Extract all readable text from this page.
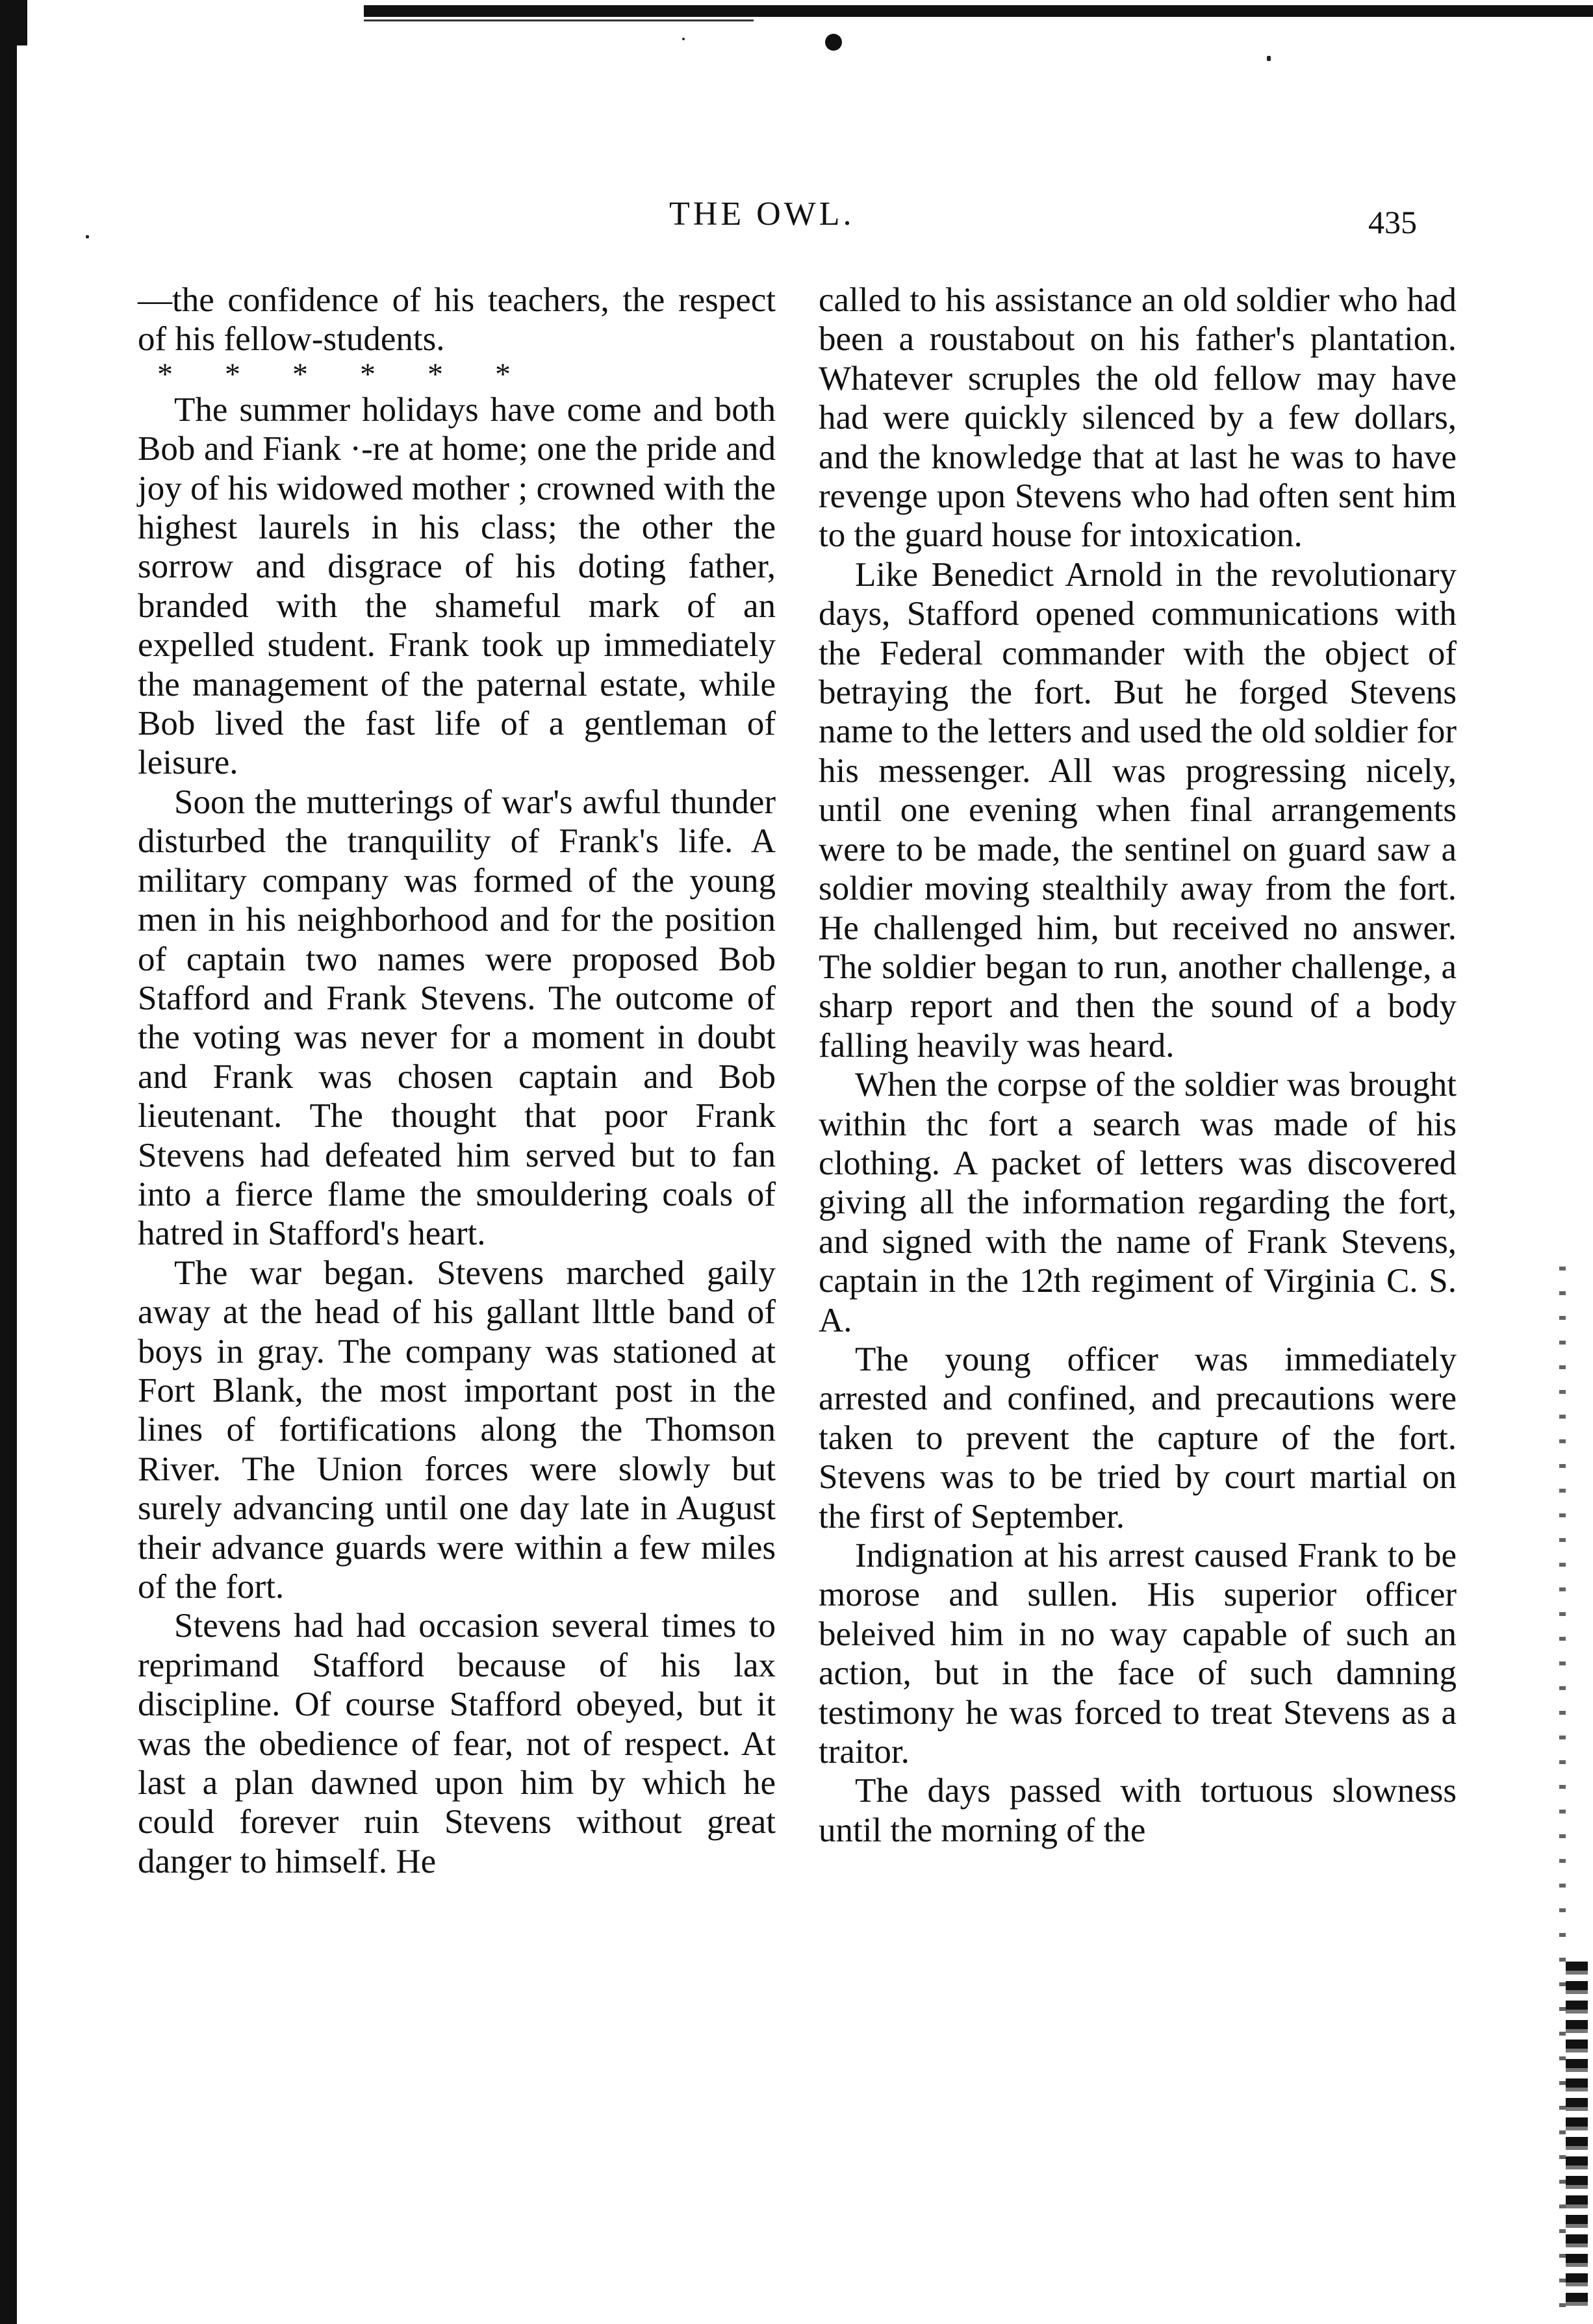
THE OWL.	435

—the confidence of his teachers, the respect of his fellow-students.

* * * * * *

The summer holidays have come and both Bob and Fiank ·-re at home; one the pride and joy of his widowed mother ; crowned with the highest laurels in his class; the other the sorrow and disgrace of his doting father, branded with the shameful mark of an expelled student. Frank took up immediately the management of the paternal estate, while Bob lived the fast life of a gentleman of leisure.

Soon the mutterings of war's awful thunder disturbed the tranquility of Frank's life. A military company was formed of the young men in his neighborhood and for the position of captain two names were proposed Bob Stafford and Frank Stevens. The outcome of the voting was never for a moment in doubt and Frank was chosen captain and Bob lieutenant. The thought that poor Frank Stevens had defeated him served but to fan into a fierce flame the smouldering coals of hatred in Stafford's heart.

The war began. Stevens marched gaily away at the head of his gallant llttle band of boys in gray. The company was stationed at Fort Blank, the most important post in the lines of fortifications along the Thomson River. The Union forces were slowly but surely advancing until one day late in August their advance guards were within a few miles of the fort.

Stevens had had occasion several times to reprimand Stafford because of his lax discipline. Of course Stafford obeyed, but it was the obedience of fear, not of respect. At last a plan dawned upon him by which he could forever ruin Stevens without great danger to himself. He

called to his assistance an old soldier who had been a roustabout on his father's plantation. Whatever scruples the old fellow may have had were quickly silenced by a few dollars, and the knowledge that at last he was to have revenge upon Stevens who had often sent him to the guard house for intoxication.

Like Benedict Arnold in the revolutionary days, Stafford opened communications with the Federal commander with the object of betraying the fort. But he forged Stevens name to the letters and used the old soldier for his messenger. All was progressing nicely, until one evening when final arrangements were to be made, the sentinel on guard saw a soldier moving stealthily away from the fort. He challenged him, but received no answer. The soldier began to run, another challenge, a sharp report and then the sound of a body falling heavily was heard.

When the corpse of the soldier was brought within thc fort a search was made of his clothing. A packet of letters was discovered giving all the information regarding the fort, and signed with the name of Frank Stevens, captain in the 12th regiment of Virginia C. S. A.

The young officer was immediately arrested and confined, and precautions were taken to prevent the capture of the fort. Stevens was to be tried by court martial on the first of September.

Indignation at his arrest caused Frank to be morose and sullen. His superior officer beleived him in no way capable of such an action, but in the face of such damning testimony he was forced to treat Stevens as a traitor.

The days passed with tortuous slowness until the morning of the
